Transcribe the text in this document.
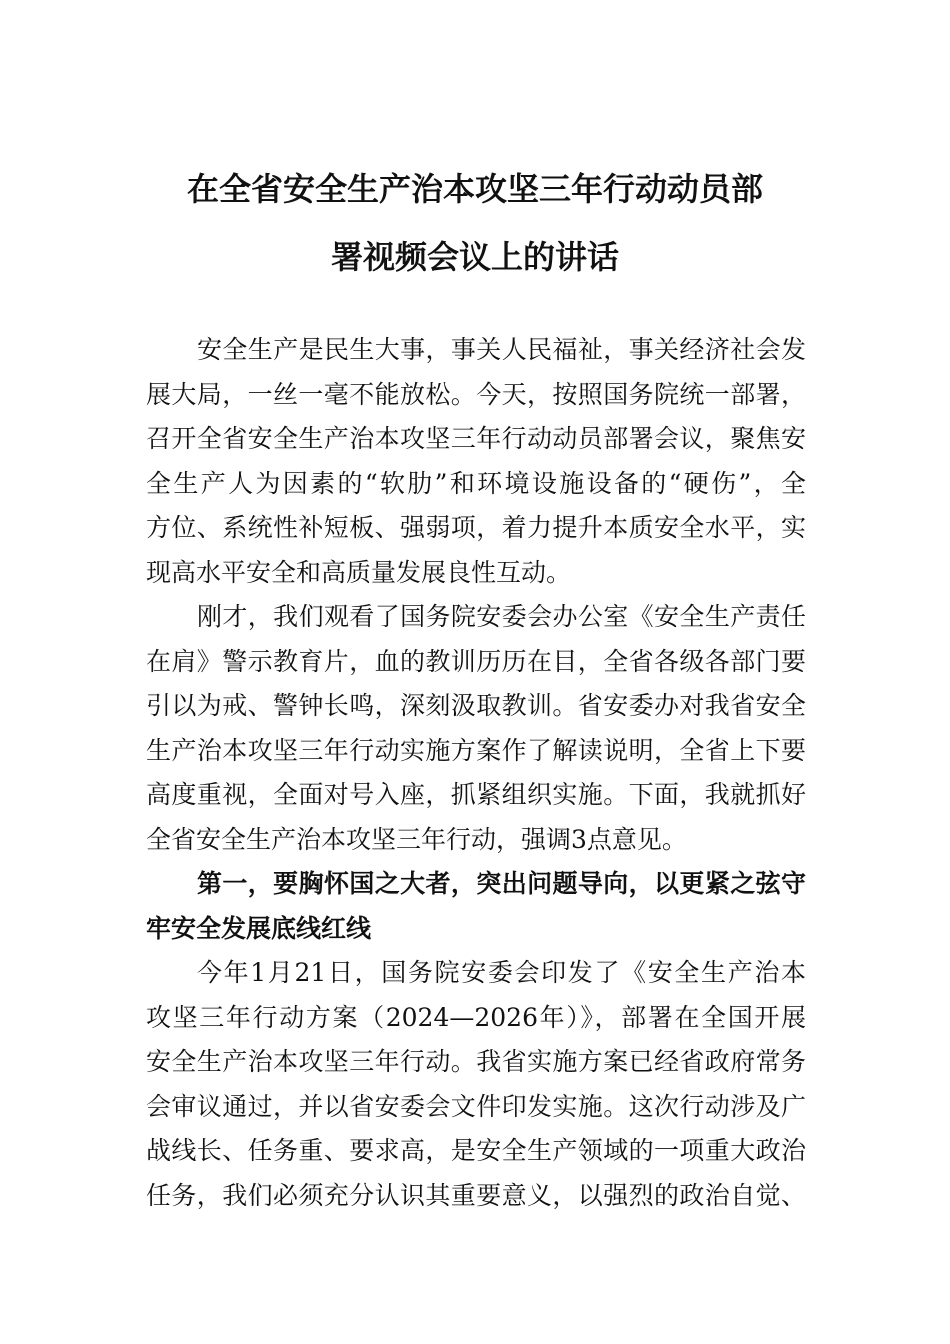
在全省安全生产治本攻坚三年行动动员部
署视频会议上的讲话
安全生产是民生大事，事关人民福祉，事关经济社会发
展大局，一丝一毫不能放松。今天，按照国务院统一部署，
召开全省安全生产治本攻坚三年行动动员部署会议，聚焦安
全生产人为因素的“软肋”和环境设施设备的“硬伤”，全
方位、系统性补短板、强弱项，着力提升本质安全水平，实
现高水平安全和高质量发展良性互动。
刚才，我们观看了国务院安委会办公室《安全生产责任
在肩》警示教育片，血的教训历历在目，全省各级各部门要
引以为戒、警钟长鸣，深刻汲取教训。省安委办对我省安全
生产治本攻坚三年行动实施方案作了解读说明，全省上下要
高度重视，全面对号入座，抓紧组织实施。下面，我就抓好
全省安全生产治本攻坚三年行动，强调3点意见。
第一，要胸怀国之大者，突出问题导向，以更紧之弦守
牢安全发展底线红线
今年1月21日，国务院安委会印发了《安全生产治本
攻坚三年行动方案（2024—2026年）》，部署在全国开展
安全生产治本攻坚三年行动。我省实施方案已经省政府常务
会审议通过，并以省安委会文件印发实施。这次行动涉及广
战线长、任务重、要求高，是安全生产领域的一项重大政治
任务，我们必须充分认识其重要意义，以强烈的政治自觉、
